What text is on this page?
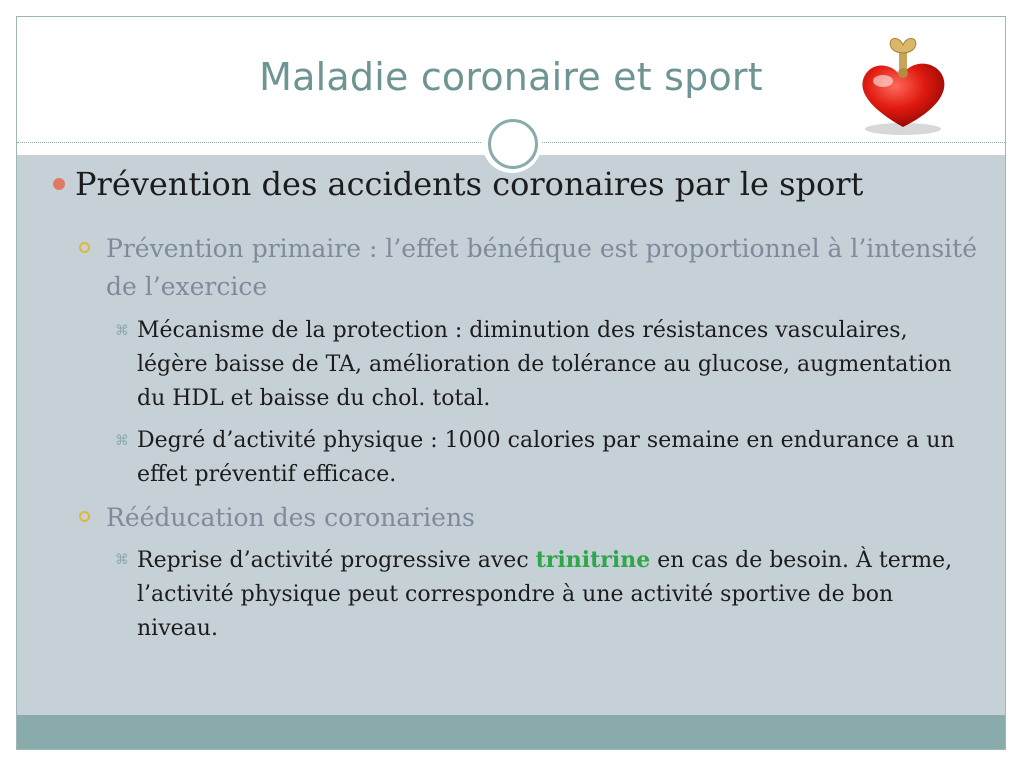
Maladie coronaire et sport
Prévention des accidents coronaires par le sport
Prévention primaire : l’effet bénéfique est proportionnel à l’intensité de l’exercice
⌘ Mécanisme de la protection : diminution des résistances vasculaires, légère baisse de TA, amélioration de tolérance au glucose, augmentation du HDL et baisse du chol. total.
⌘ Degré d’activité physique : 1000 calories par semaine en endurance a un effet préventif efficace.
Rééducation des coronariens
⌘ Reprise d’activité progressive avec trinitrine en cas de besoin. À terme, l’activité physique peut correspondre à une activité sportive de bon niveau.
